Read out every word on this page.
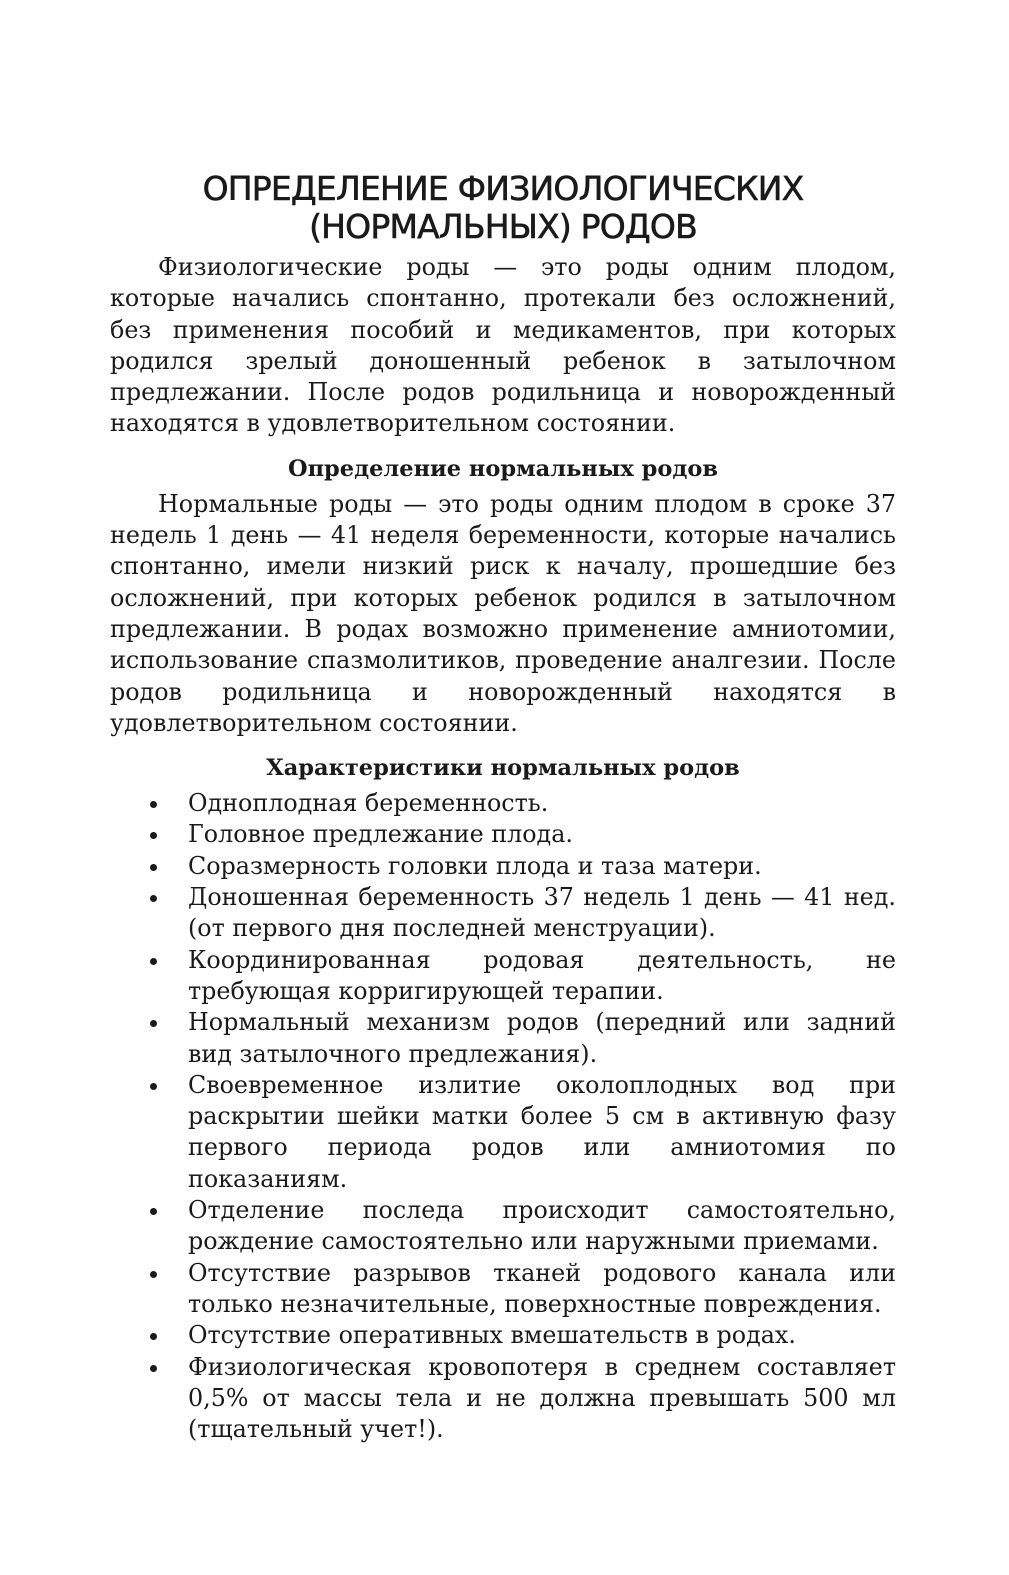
ОПРЕДЕЛЕНИЕ ФИЗИОЛОГИЧЕСКИХ
(НОРМАЛЬНЫХ) РОДОВ

Физиологические роды — это роды одним плодом, которые начались спонтанно, протекали без осложнений, без применения пособий и медикаментов, при которых родился зрелый доношенный ребенок в затылочном предлежании. После родов родильница и новорожденный находятся в удовлетворительном состоянии.

Определение нормальных родов

Нормальные роды — это роды одним плодом в сроке 37 недель 1 день — 41 неделя беременности, которые начались спонтанно, имели низкий риск к началу, прошедшие без осложнений, при которых ребенок родился в затылочном предлежании. В родах возможно применение амниотомии, использование спазмолитиков, проведение аналгезии. После родов родильница и новорожденный находятся в удовлетворительном состоянии.

Характеристики нормальных родов
Одноплодная беременность.
Головное предлежание плода.
Соразмерность головки плода и таза матери.
Доношенная беременность 37 недель 1 день — 41 нед. (от первого дня последней менструации).
Координированная родовая деятельность, не требующая корригирующей терапии.
Нормальный механизм родов (передний или задний вид затылочного предлежания).
Своевременное излитие околоплодных вод при раскрытии шейки матки более 5 см в активную фазу первого периода родов или амниотомия по показаниям.
Отделение последа происходит самостоятельно, рождение самостоятельно или наружными приемами.
Отсутствие разрывов тканей родового канала или только незначительные, поверхностные повреждения.
Отсутствие оперативных вмешательств в родах.
Физиологическая кровопотеря в среднем составляет 0,5% от массы тела и не должна превышать 500 мл (тщательный учет!).
